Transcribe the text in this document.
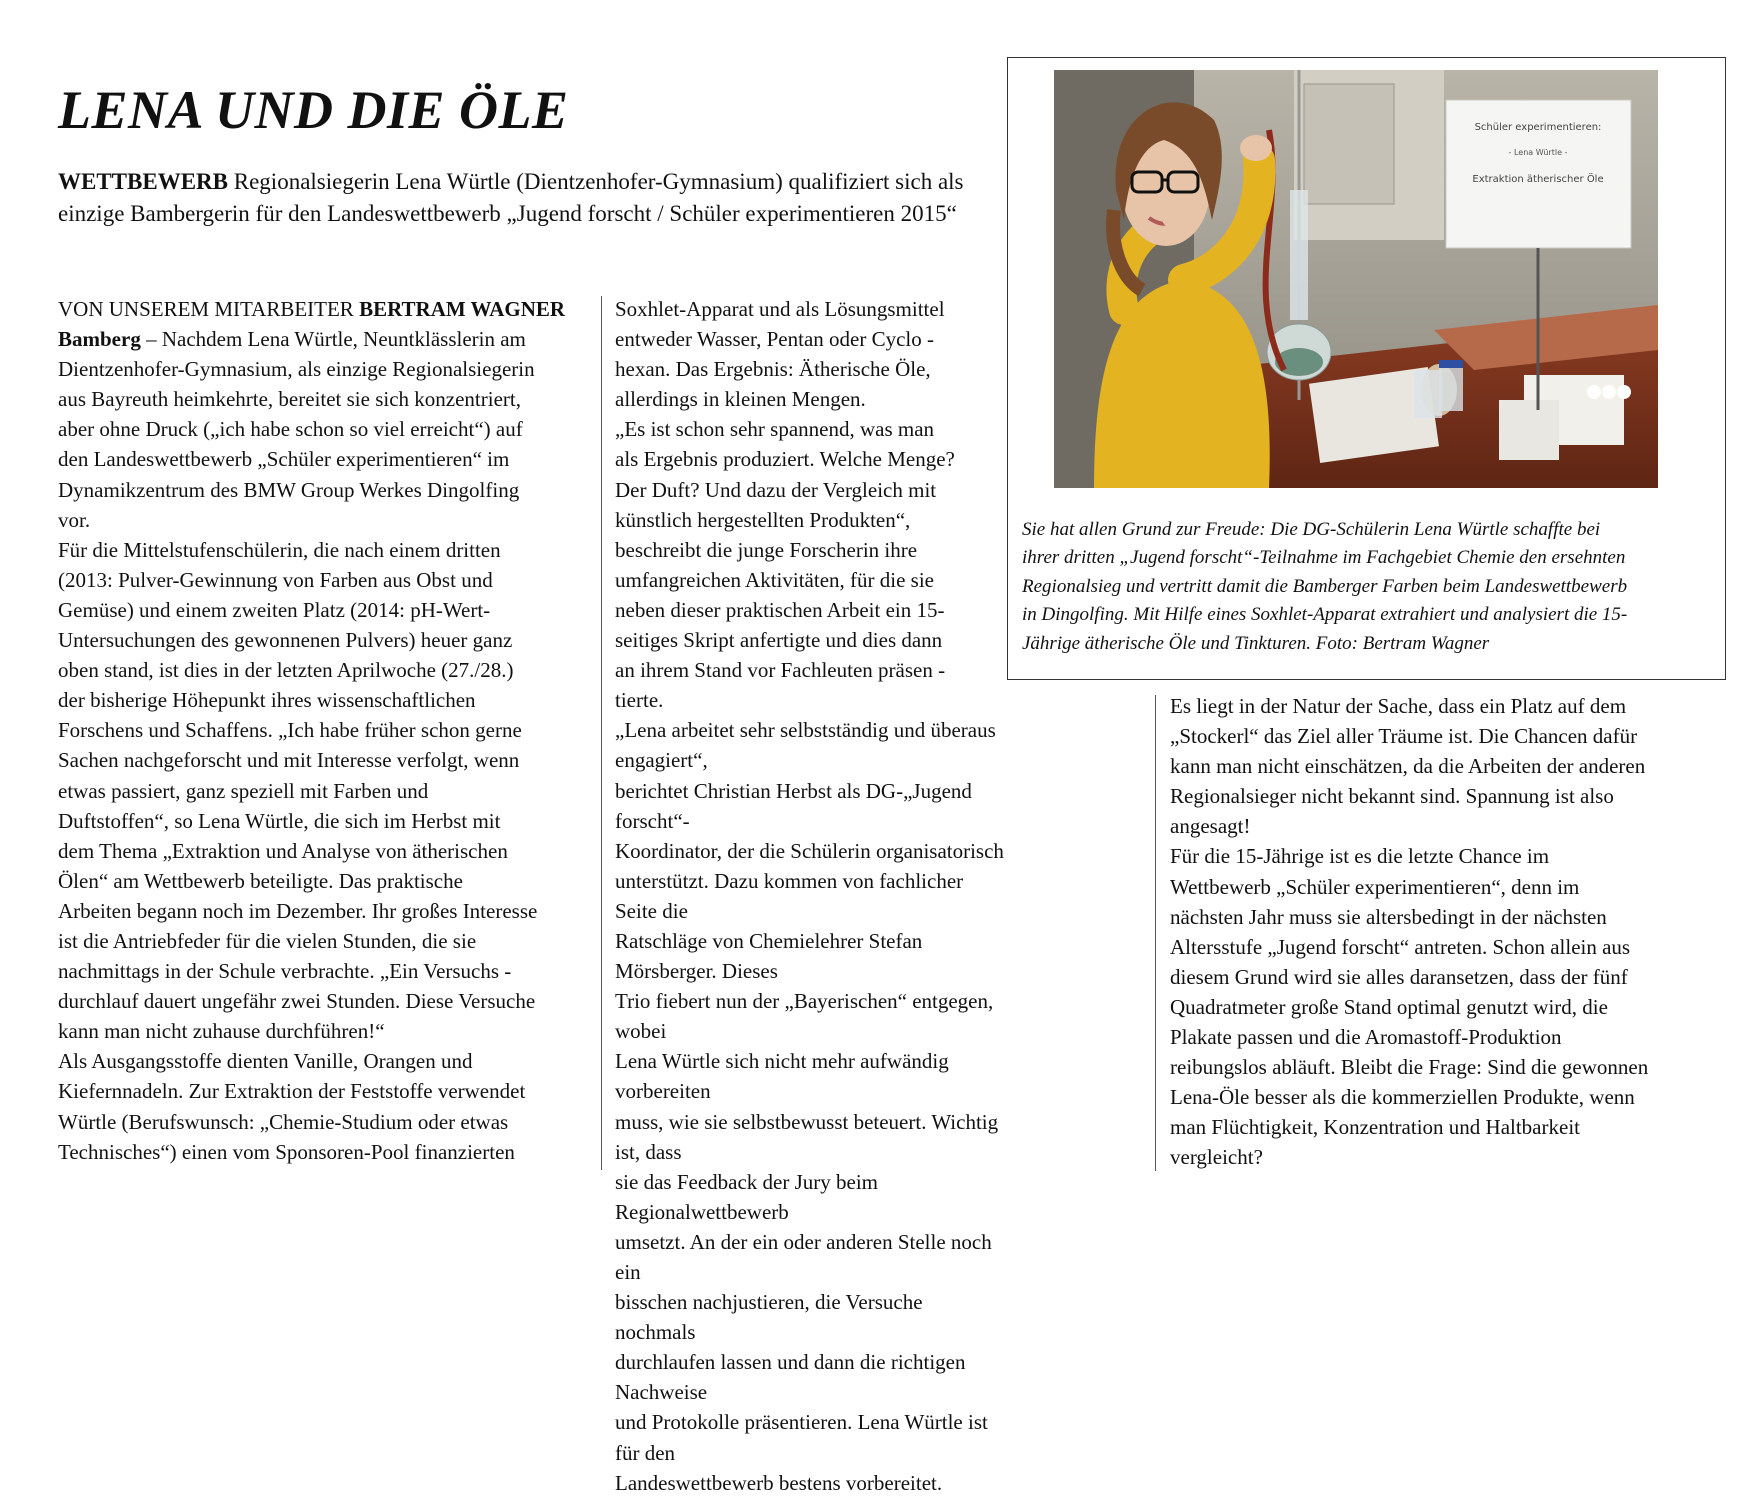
LENA UND DIE ÖLE
WETTBEWERB Regionalsiegerin Lena Würtle (Dientzenhofer-Gymnasium) qualifiziert sich als einzige Bambergerin für den Landeswettbewerb „Jugend forscht / Schüler experimentieren 2015“
VON UNSEREM MITARBEITER BERTRAM WAGNER
Bamberg – Nachdem Lena Würtle, Neuntklässlerin am
Dientzenhofer-Gymnasium, als einzige Regionalsiegerin
aus Bayreuth heimkehrte, bereitet sie sich konzentriert,
aber ohne Druck („ich habe schon so viel erreicht“) auf
den Landeswettbewerb „Schüler experimentieren“ im
Dynamikzentrum des BMW Group Werkes Dingolfing
vor.
Für die Mittelstufenschülerin, die nach einem dritten
(2013: Pulver-Gewinnung von Farben aus Obst und
Gemüse) und einem zweiten Platz (2014: pH-Wert-
Untersuchungen des gewonnenen Pulvers) heuer ganz
oben stand, ist dies in der letzten Aprilwoche (27./28.)
der bisherige Höhepunkt ihres wissenschaftlichen
Forschens und Schaffens. „Ich habe früher schon gerne
Sachen nachgeforscht und mit Interesse verfolgt, wenn
etwas passiert, ganz speziell mit Farben und
Duftstoffen“, so Lena Würtle, die sich im Herbst mit
dem Thema „Extraktion und Analyse von ätherischen
Ölen“ am Wettbewerb beteiligte. Das praktische
Arbeiten begann noch im Dezember. Ihr großes Interesse
ist die Antriebfeder für die vielen Stunden, die sie
nachmittags in der Schule verbrachte. „Ein Versuchs -
durchlauf dauert ungefähr zwei Stunden. Diese Versuche
kann man nicht zuhause durchführen!“
Als Ausgangsstoffe dienten Vanille, Orangen und
Kiefernnadeln. Zur Extraktion der Feststoffe verwendet
Würtle (Berufswunsch: „Chemie-Studium oder etwas
Technisches“) einen vom Sponsoren-Pool finanzierten
Soxhlet-Apparat und als Lösungsmittel
entweder Wasser, Pentan oder Cyclo -
hexan. Das Ergebnis: Ätherische Öle,
allerdings in kleinen Mengen.
„Es ist schon sehr spannend, was man
als Ergebnis produziert. Welche Menge?
Der Duft? Und dazu der Vergleich mit
künstlich hergestellten Produkten“,
beschreibt die junge Forscherin ihre
umfangreichen Aktivitäten, für die sie
neben dieser praktischen Arbeit ein 15-
seitiges Skript anfertigte und dies dann
an ihrem Stand vor Fachleuten präsen -
tierte.
„Lena arbeitet sehr selbstständig und überaus engagiert“,
berichtet Christian Herbst als DG-„Jugend forscht“-
Koordinator, der die Schülerin organisatorisch
unterstützt. Dazu kommen von fachlicher Seite die
Ratschläge von Chemielehrer Stefan Mörsberger. Dieses
Trio fiebert nun der „Bayerischen“ entgegen, wobei
Lena Würtle sich nicht mehr aufwändig vorbereiten
muss, wie sie selbstbewusst beteuert. Wichtig ist, dass
sie das Feedback der Jury beim Regionalwettbewerb
umsetzt. An der ein oder anderen Stelle noch ein
bisschen nachjustieren, die Versuche nochmals
durchlaufen lassen und dann die richtigen Nachweise
und Protokolle präsentieren. Lena Würtle ist für den
Landeswettbewerb bestens vorbereitet.
Schüler experimentieren:
- Lena Würtle -
Extraktion ätherischer Öle
Sie hat allen Grund zur Freude: Die DG-Schülerin Lena Würtle schaffte bei
ihrer dritten „Jugend forscht“-Teilnahme im Fachgebiet Chemie den ersehnten
Regionalsieg und vertritt damit die Bamberger Farben beim Landeswettbewerb
in Dingolfing. Mit Hilfe eines Soxhlet-Apparat extrahiert und analysiert die 15-
Jährige ätherische Öle und Tinkturen. Foto: Bertram Wagner
Es liegt in der Natur der Sache, dass ein Platz auf dem
„Stockerl“ das Ziel aller Träume ist. Die Chancen dafür
kann man nicht einschätzen, da die Arbeiten der anderen
Regionalsieger nicht bekannt sind. Spannung ist also
angesagt!
Für die 15-Jährige ist es die letzte Chance im
Wettbewerb „Schüler experimentieren“, denn im
nächsten Jahr muss sie altersbedingt in der nächsten
Altersstufe „Jugend forscht“ antreten. Schon allein aus
diesem Grund wird sie alles daransetzen, dass der fünf
Quadratmeter große Stand optimal genutzt wird, die
Plakate passen und die Aromastoff-Produktion
reibungslos abläuft. Bleibt die Frage: Sind die gewonnen
Lena-Öle besser als die kommerziellen Produkte, wenn
man Flüchtigkeit, Konzentration und Haltbarkeit
vergleicht?
